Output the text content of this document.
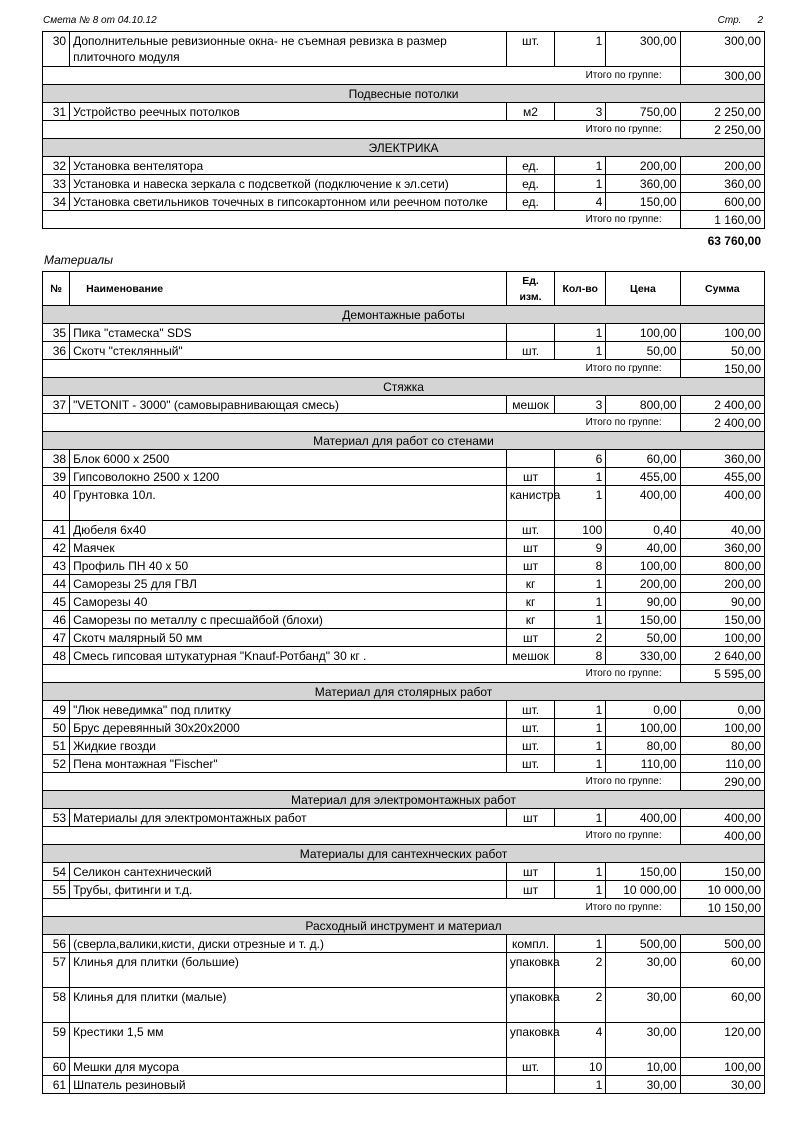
Смета № 8 от 04.10.12	Стр. 2
30	Дополнительные ревизионные окна- не съемная ревизка в размер плиточного модуля	шт.	1	300,00	300,00
Итого по группе:					300,00
Подвесные потолки					
31	Устройство реечных потолков	м2	3	750,00	2 250,00
Итого по группе:					2 250,00
ЭЛЕКТРИКА					
32	Установка вентелятора	ед.	1	200,00	200,00
33	Установка и навеска зеркала с подсветкой (подключение к эл.сети)	ед.	1	360,00	360,00
34	Установка светильников точечных в гипсокартонном или реечном потолке	ед.	4	150,00	600,00
Итого по группе:					1 160,00
63 760,00
Материалы
№	Наименование	Ед. изм.	Кол-во	Цена	Сумма
Демонтажные работы					
35	Пика "стамеска" SDS		1	100,00	100,00
36	Скотч "стеклянный"	шт.	1	50,00	50,00
Итого по группе:					150,00
Стяжка					
37	"VETONIT - 3000" (самовыравнивающая смесь)	мешок	3	800,00	2 400,00
Итого по группе:					2 400,00
Материал для работ со стенами					
38	Блок 6000 х 2500		6	60,00	360,00
39	Гипсоволокно 2500 х 1200	шт	1	455,00	455,00
40	Грунтовка 10л.	канистра	1	400,00	400,00
41	Дюбеля 6х40	шт.	100	0,40	40,00
42	Маячек	шт	9	40,00	360,00
43	Профиль ПН 40 х 50	шт	8	100,00	800,00
44	Саморезы 25 для ГВЛ	кг	1	200,00	200,00
45	Саморезы 40	кг	1	90,00	90,00
46	Саморезы по металлу с пресшайбой (блохи)	кг	1	150,00	150,00
47	Скотч малярный 50 мм	шт	2	50,00	100,00
48	Смесь гипсовая штукатурная "Knauf-Ротбанд" 30 кг .	мешок	8	330,00	2 640,00
Итого по группе:					5 595,00
Материал для столярных работ					
49	"Люк неведимка" под плитку	шт.	1	0,00	0,00
50	Брус деревянный 30х20х2000	шт.	1	100,00	100,00
51	Жидкие гвозди	шт.	1	80,00	80,00
52	Пена монтажная "Fischer"	шт.	1	110,00	110,00
Итого по группе:					290,00
Материал для электромонтажных работ					
53	Материалы для электромонтажных работ	шт	1	400,00	400,00
Итого по группе:					400,00
Материалы для сантехнческих работ					
54	Селикон сантехнический	шт	1	150,00	150,00
55	Трубы, фитинги и т.д.	шт	1	10 000,00	10 000,00
Итого по группе:					10 150,00
Расходный инструмент и материал					
56	(сверла,валики,кисти, диски отрезные и т. д.)	компл.	1	500,00	500,00
57	Клинья для плитки (большие)	упаковка	2	30,00	60,00
58	Клинья для плитки (малые)	упаковка	2	30,00	60,00
59	Крестики 1,5 мм	упаковка	4	30,00	120,00
60	Мешки для мусора	шт.	10	10,00	100,00
61	Шпатель резиновый		1	30,00	30,00
